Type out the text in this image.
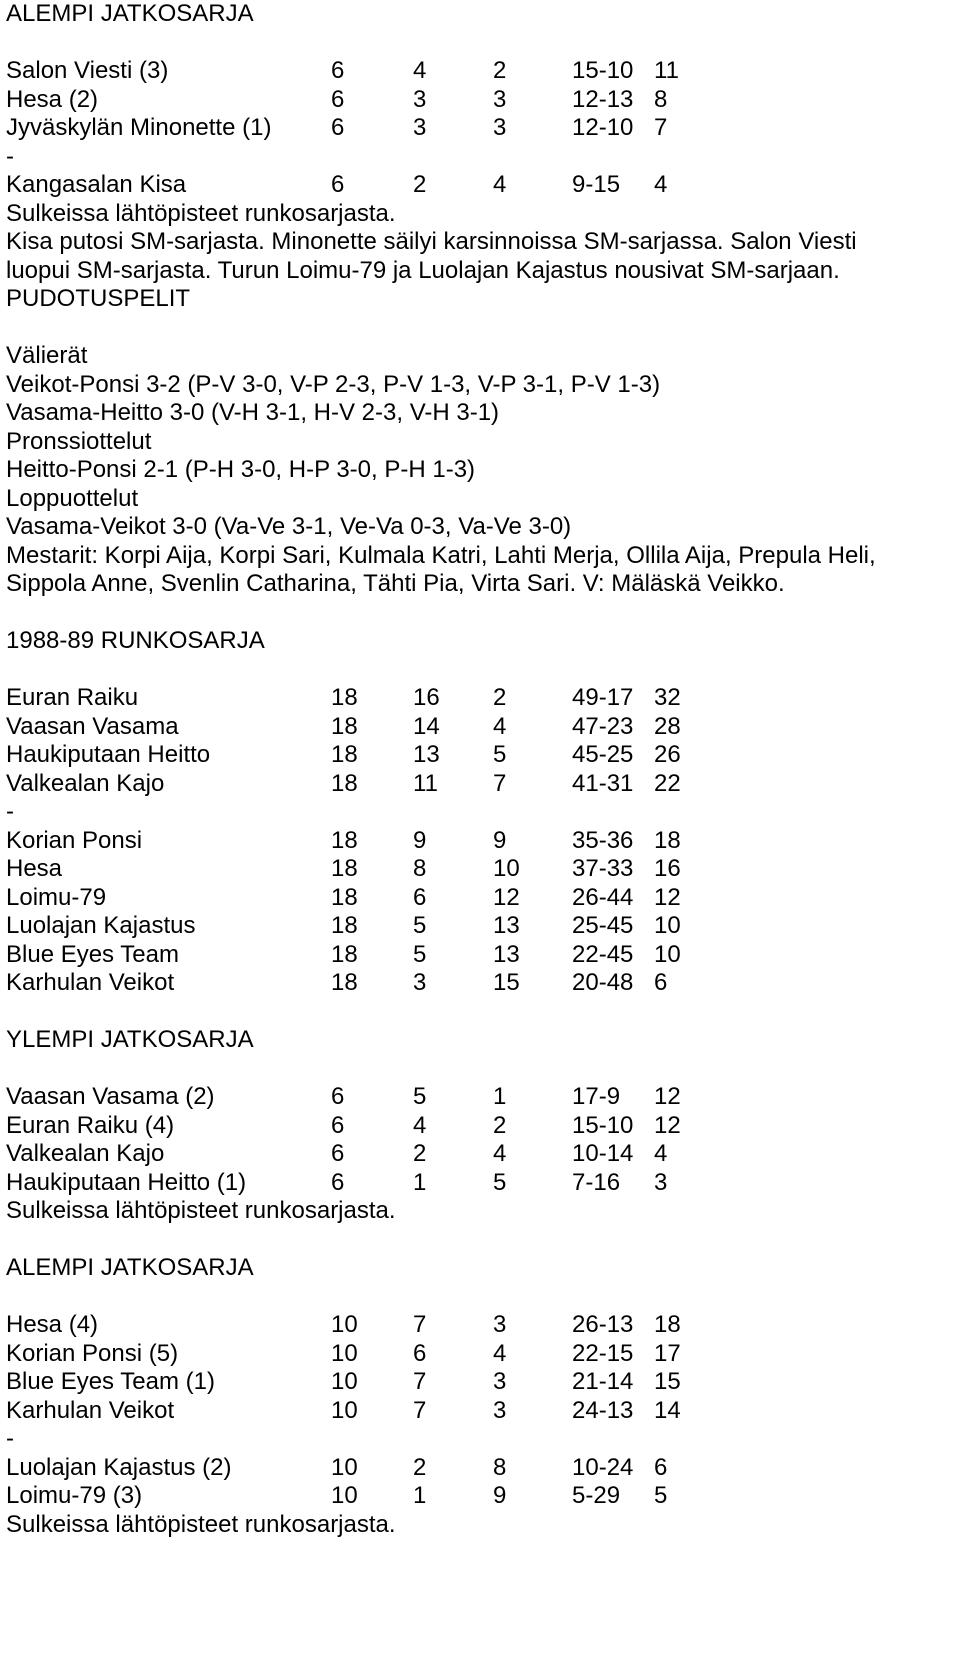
ALEMPI JATKOSARJA
Salon Viesti (3)	6	4	2	15-10 11
Hesa (2)	6	3	3	12-13 8
Jyväskylän Minonette (1) 6	3	3	12-10 7
-
Kangasalan Kisa	6	2	4	9-15 4
Sulkeissa lähtöpisteet runkosarjasta.
Kisa putosi SM-sarjasta. Minonette säilyi karsinnoissa SM-sarjassa. Salon Viesti
luopui SM-sarjasta. Turun Loimu-79 ja Luolajan Kajastus nousivat SM-sarjaan.
PUDOTUSPELIT
Välierät
Veikot-Ponsi 3-2 (P-V 3-0, V-P 2-3, P-V 1-3, V-P 3-1, P-V 1-3)
Vasama-Heitto 3-0 (V-H 3-1, H-V 2-3, V-H 3-1)
Pronssiottelut
Heitto-Ponsi 2-1 (P-H 3-0, H-P 3-0, P-H 1-3)
Loppuottelut
Vasama-Veikot 3-0 (Va-Ve 3-1, Ve-Va 0-3, Va-Ve 3-0)
Mestarit: Korpi Aija, Korpi Sari, Kulmala Katri, Lahti Merja, Ollila Aija, Prepula Heli,
Sippola Anne, Svenlin Catharina, Tähti Pia, Virta Sari. V: Mäläskä Veikko.
1988-89 RUNKOSARJA
Euran Raiku	18 16 2	49-17 32
Vaasan Vasama	18 14 4	47-23 28
Haukiputaan Heitto	18 13 5	45-25 26
Valkealan Kajo	18 11 7	41-31 22
-
Korian Ponsi	18 9	9	35-36 18
Hesa	18 8	10 37-33 16
Loimu-79	18 6	12 26-44 12
Luolajan Kajastus	18 5	13 25-45 10
Blue Eyes Team	18 5	13 22-45 10
Karhulan Veikot	18 3	15 20-48 6
YLEMPI JATKOSARJA
Vaasan Vasama (2)	6	5	1	17-9 12
Euran Raiku (4)	6	4	2	15-10 12
Valkealan Kajo	6	2	4	10-14 4
Haukiputaan Heitto (1)	6	1	5	7-16 3
Sulkeissa lähtöpisteet runkosarjasta.
ALEMPI JATKOSARJA
Hesa (4)	10 7	3	26-13 18
Korian Ponsi (5)	10 6	4	22-15 17
Blue Eyes Team (1)	10 7	3	21-14 15
Karhulan Veikot	10 7	3	24-13 14
-
Luolajan Kajastus (2)	10 2	8	10-24 6
Loimu-79 (3)	10 1	9	5-29 5
Sulkeissa lähtöpisteet runkosarjasta.
